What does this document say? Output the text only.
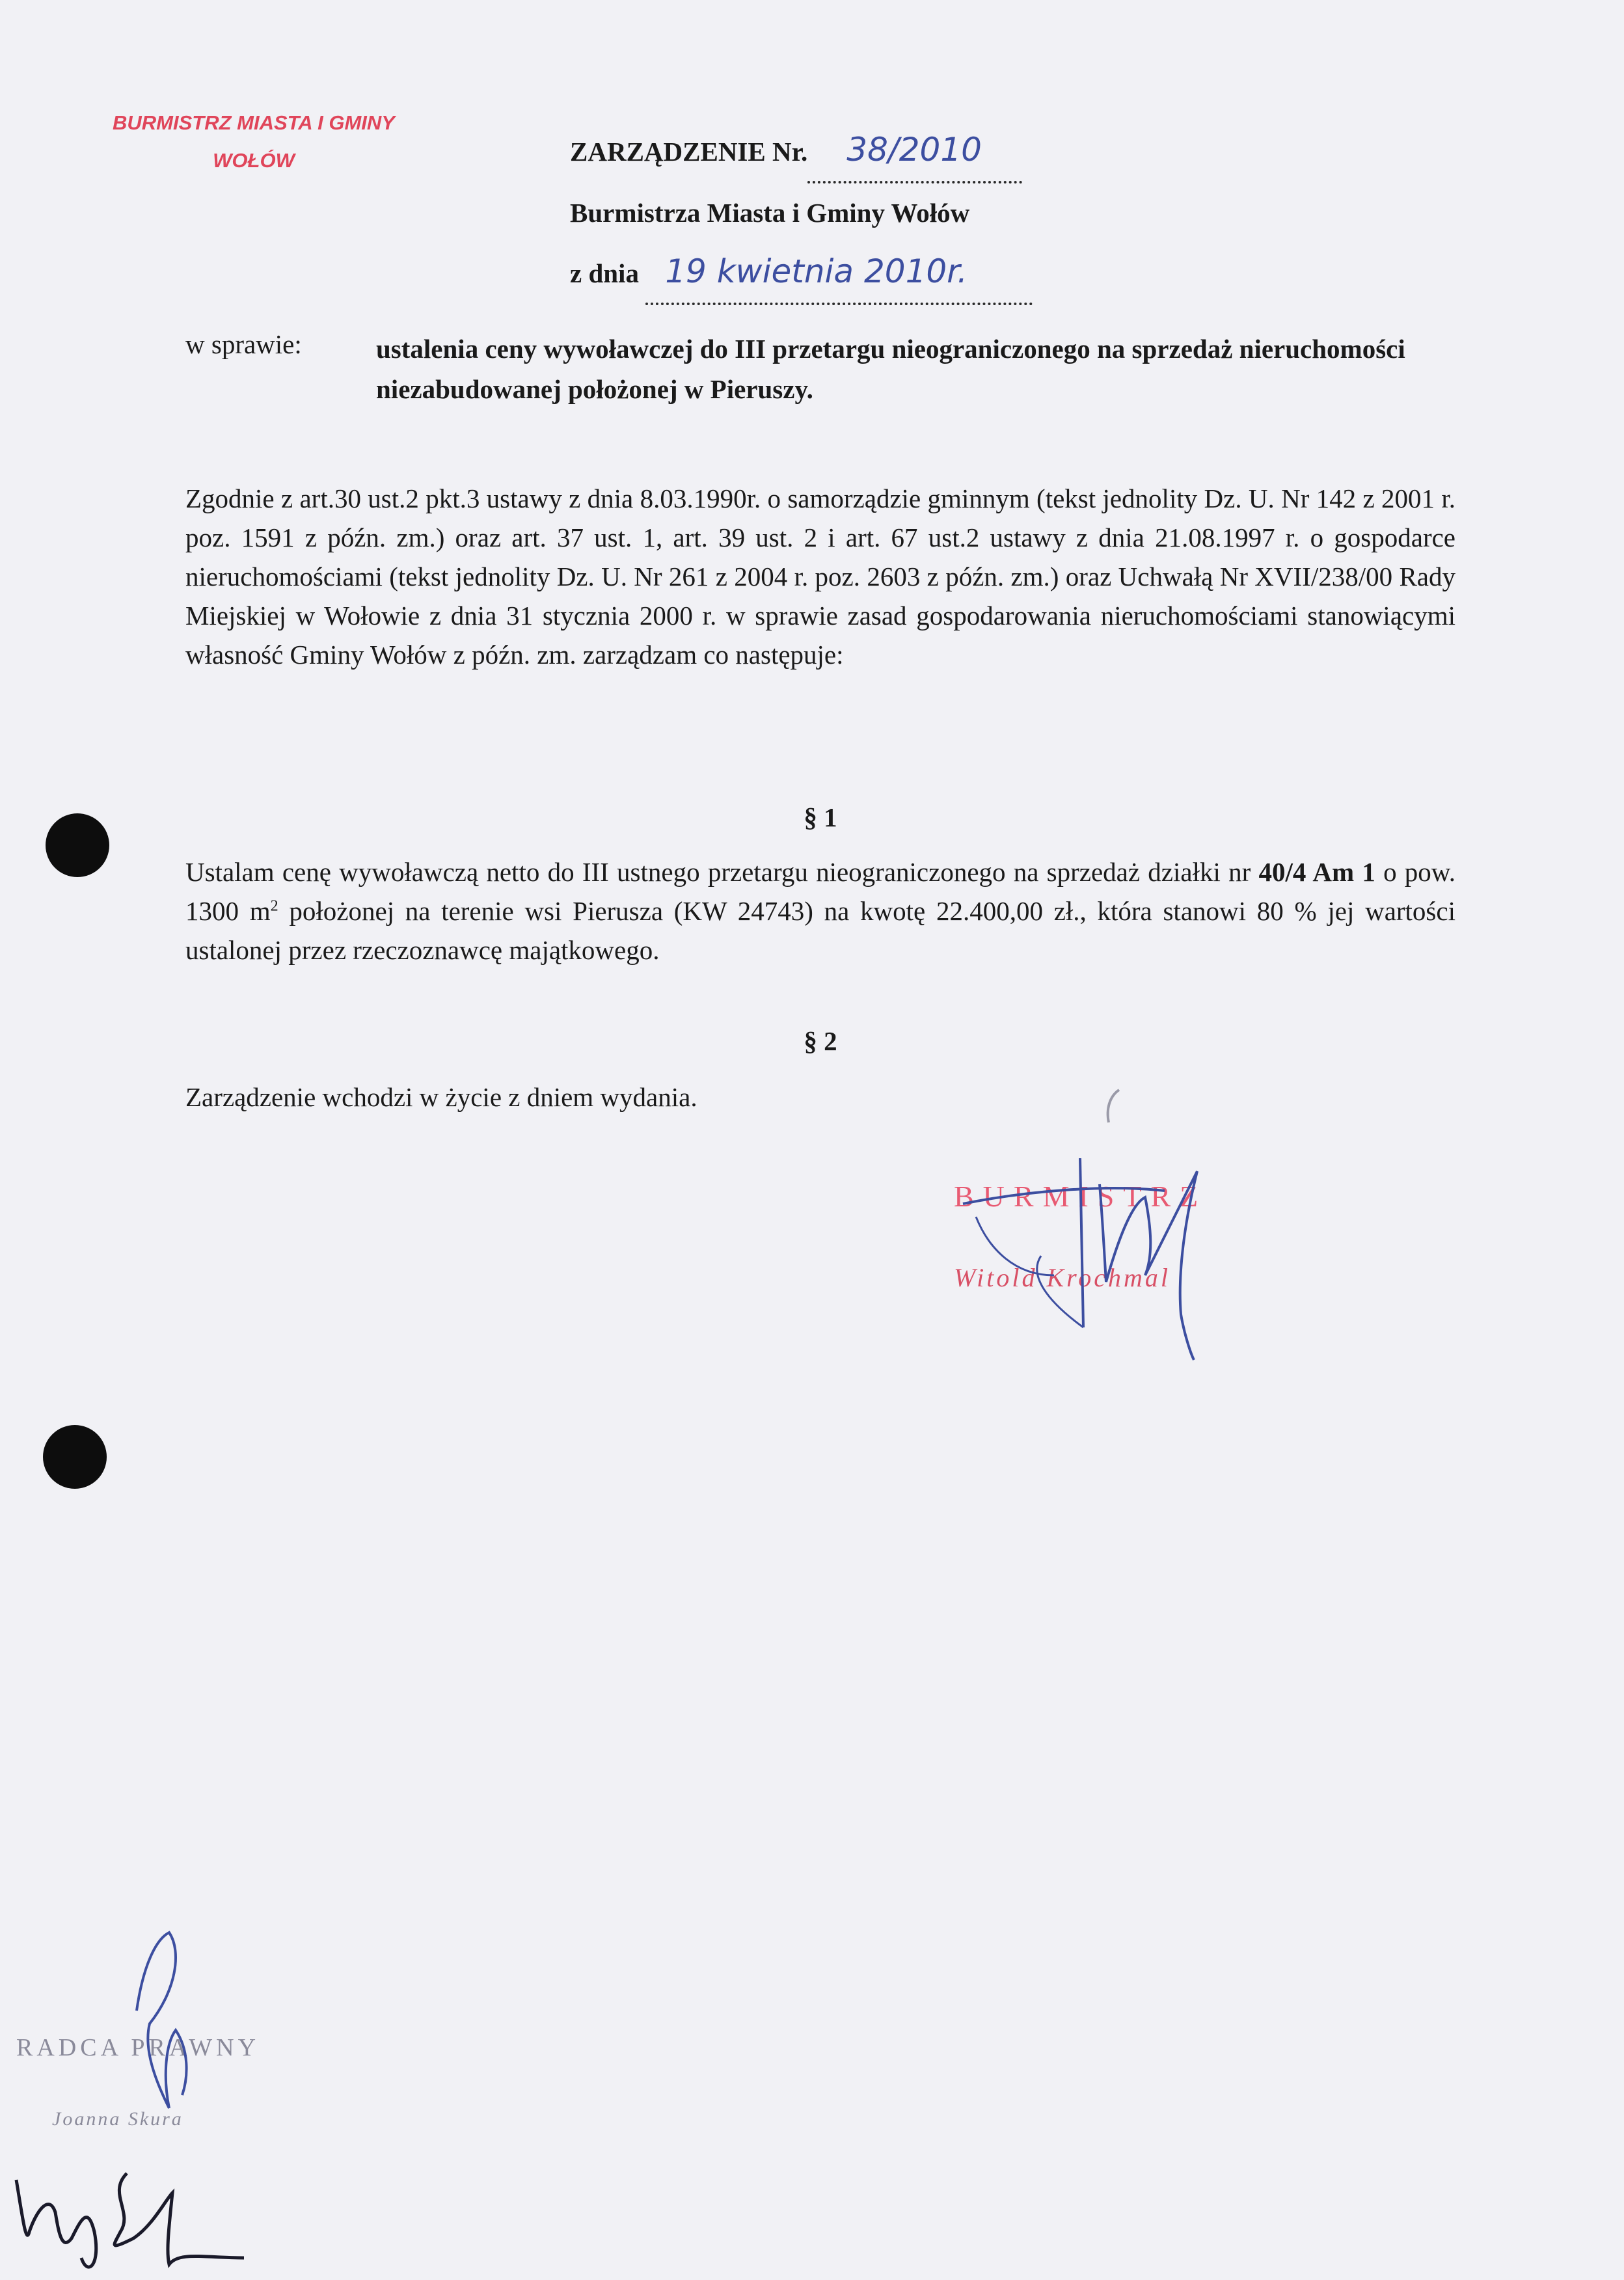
BURMISTRZ MIASTA I GMINY
WOŁÓW	ZARZĄDZENIE Nr. 38/2010
Burmistrza Miasta i Gminy Wołów
z dnia 19 kwietnia 2010r.
w sprawie:	ustalenia ceny wywoławczej do III przetargu nieograniczonego na sprzedaż nieruchomości niezabudowanej położonej w Pieruszy.
Zgodnie z art.30 ust.2 pkt.3 ustawy z dnia 8.03.1990r. o samorządzie gminnym (tekst jednolity Dz. U. Nr 142 z 2001 r. poz. 1591 z późn. zm.) oraz art. 37 ust. 1, art. 39 ust. 2 i art. 67 ust.2 ustawy z dnia 21.08.1997 r. o gospodarce nieruchomościami (tekst jednolity Dz. U. Nr 261 z 2004 r. poz. 2603 z późn. zm.) oraz Uchwałą Nr XVII/238/00 Rady Miejskiej w Wołowie z dnia 31 stycznia 2000 r. w sprawie zasad gospodarowania nieruchomościami stanowiącymi własność Gminy Wołów z późn. zm. zarządzam co następuje:
§ 1
Ustalam cenę wywoławczą netto do III ustnego przetargu nieograniczonego na sprzedaż działki nr 40/4 Am 1 o pow. 1300 $m^2$ położonej na terenie wsi Pierusza (KW 24743) na kwotę 22.400,00 zł., która stanowi 80 % jej wartości ustalonej przez rzeczoznawcę majątkowego.
§ 2
Zarządzenie wchodzi w życie z dniem wydania.
BURMISTRZ
Witold Krochmal
RADCA PRAWNY
Joanna Skura
